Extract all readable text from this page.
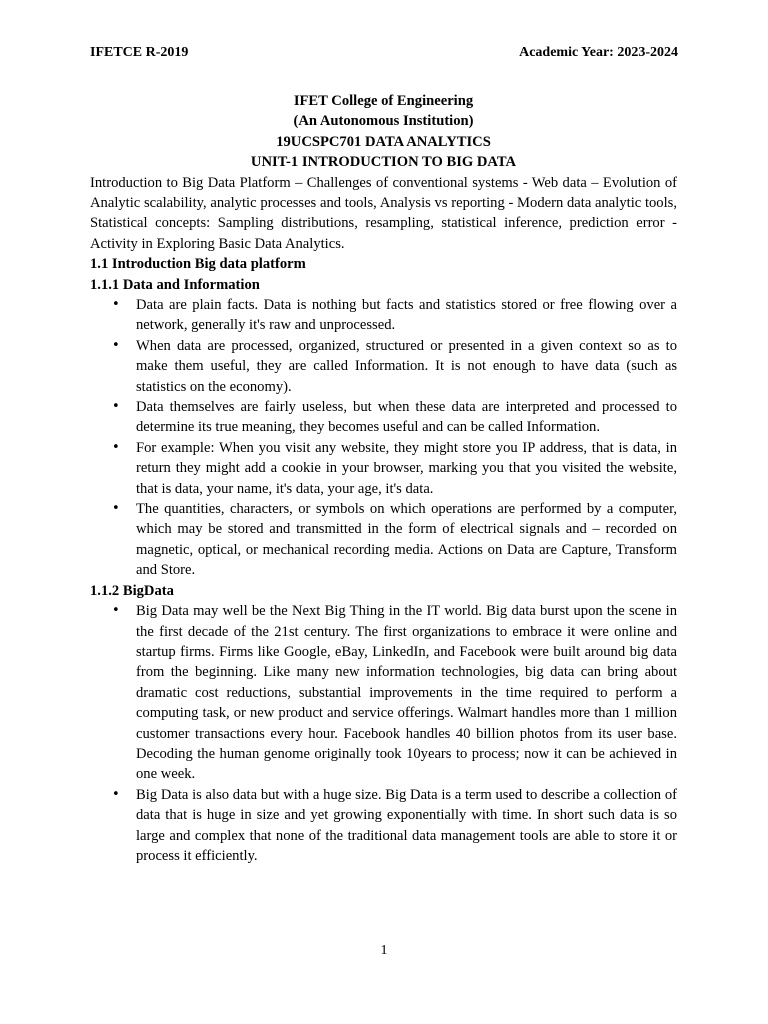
IFETCE R-2019	Academic Year: 2023-2024
IFET College of Engineering
(An Autonomous Institution)
19UCSPC701 DATA ANALYTICS
UNIT-1 INTRODUCTION TO BIG DATA

Introduction to Big Data Platform – Challenges of conventional systems - Web data – Evolution of Analytic scalability, analytic processes and tools, Analysis vs reporting - Modern data analytic tools, Statistical concepts: Sampling distributions, resampling, statistical inference, prediction error - Activity in Exploring Basic Data Analytics.

1.1 Introduction Big data platform

1.1.1 Data and Information

• Data are plain facts. Data is nothing but facts and statistics stored or free flowing over a network, generally it's raw and unprocessed.
• When data are processed, organized, structured or presented in a given context so as to make them useful, they are called Information. It is not enough to have data (such as statistics on the economy).
• Data themselves are fairly useless, but when these data are interpreted and processed to determine its true meaning, they becomes useful and can be called Information.
• For example: When you visit any website, they might store you IP address, that is data, in return they might add a cookie in your browser, marking you that you visited the website, that is data, your name, it's data, your age, it's data.
• The quantities, characters, or symbols on which operations are performed by a computer, which may be stored and transmitted in the form of electrical signals and – recorded on magnetic, optical, or mechanical recording media. Actions on Data are Capture, Transform and Store.

1.1.2 BigData

• Big Data may well be the Next Big Thing in the IT world. Big data burst upon the scene in the first decade of the 21st century. The first organizations to embrace it were online and startup firms. Firms like Google, eBay, LinkedIn, and Facebook were built around big data from the beginning. Like many new information technologies, big data can bring about dramatic cost reductions, substantial improvements in the time required to perform a computing task, or new product and service offerings. Walmart handles more than 1 million customer transactions every hour. Facebook handles 40 billion photos from its user base. Decoding the human genome originally took 10years to process; now it can be achieved in one week.
• Big Data is also data but with a huge size. Big Data is a term used to describe a collection of data that is huge in size and yet growing exponentially with time. In short such data is so large and complex that none of the traditional data management tools are able to store it or process it efficiently.
1
